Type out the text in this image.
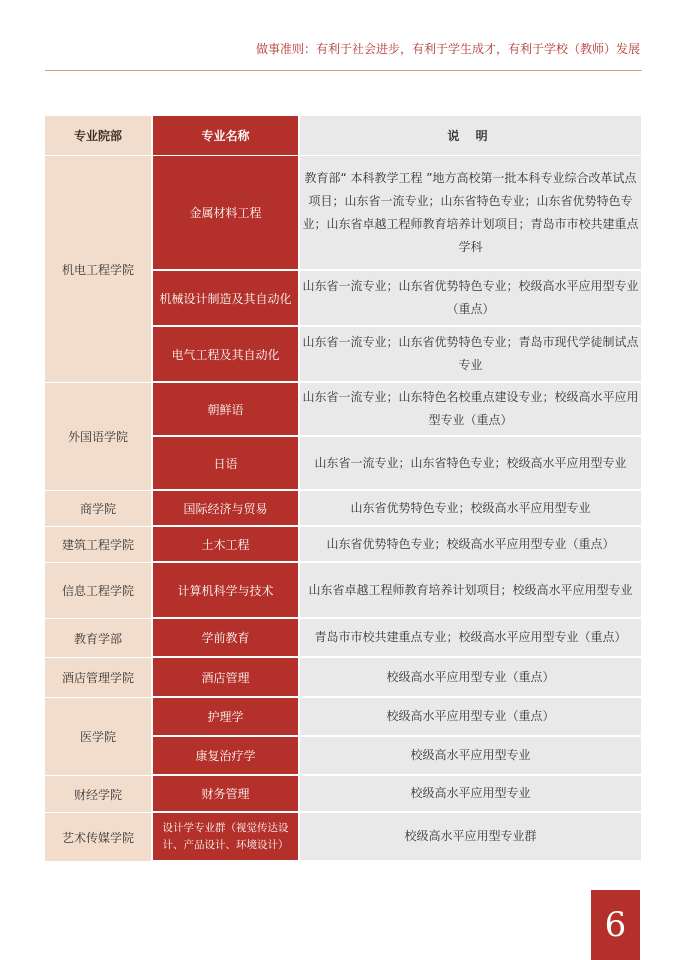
做事准则：有利于社会进步，有利于学生成才，有利于学校（教师）发展
专业院部	专业名称	说 明
机电工程学院	金属材料工程	教育部“ 本科教学工程 ”地方高校第一批本科专业综合改革试点项目；山东省一流专业；山东省特色专业；山东省优势特色专业；山东省卓越工程师教育培养计划项目；青岛市市校共建重点学科
	机械设计制造及其自动化	山东省一流专业；山东省优势特色专业；校级高水平应用型专业（重点）
	电气工程及其自动化	山东省一流专业；山东省优势特色专业；青岛市现代学徒制试点专业
外国语学院	朝鲜语	山东省一流专业；山东特色名校重点建设专业；校级高水平应用型专业（重点）
	日语	山东省一流专业；山东省特色专业；校级高水平应用型专业
商学院	国际经济与贸易	山东省优势特色专业；校级高水平应用型专业
建筑工程学院	土木工程	山东省优势特色专业；校级高水平应用型专业（重点）
信息工程学院	计算机科学与技术	山东省卓越工程师教育培养计划项目；校级高水平应用型专业
教育学部	学前教育	青岛市市校共建重点专业；校级高水平应用型专业（重点）
酒店管理学院	酒店管理	校级高水平应用型专业（重点）
医学院	护理学	校级高水平应用型专业（重点）
	康复治疗学	校级高水平应用型专业
财经学院	财务管理	校级高水平应用型专业
艺术传媒学院	设计学专业群（视觉传达设计、产品设计、环境设计）	校级高水平应用型专业群
6
